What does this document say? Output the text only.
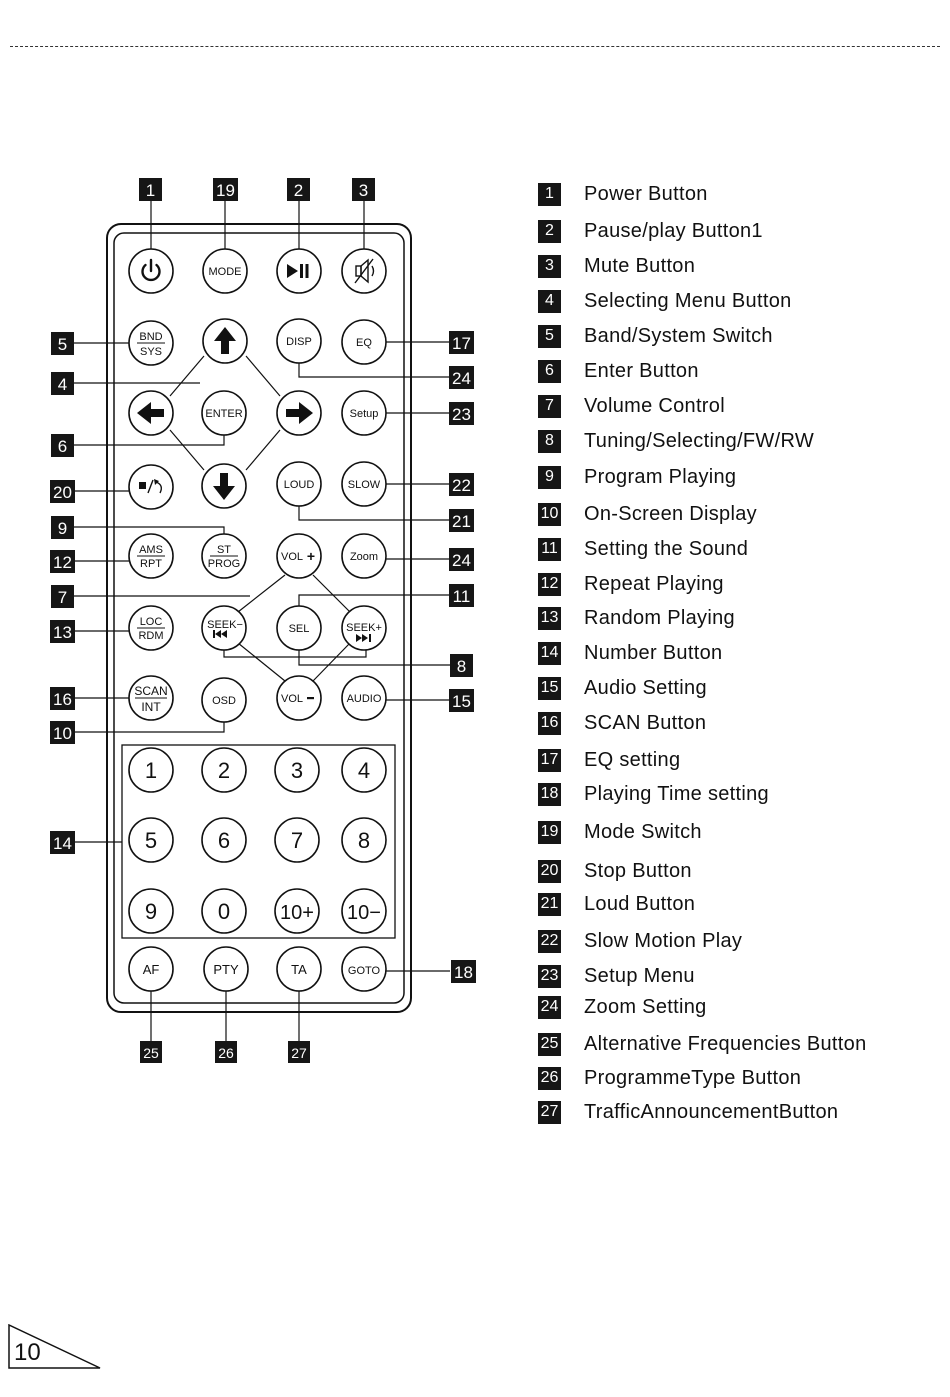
MODE
BND
SYS
DISP	EQ
ENTER	Setup
LOUD	SLOW
AMS
RPT
ST
PROG
VOL +	Zoom
LOC
RDM
SEEK−	SEL	SEEK+
SCAN
INT	OSD	VOL	AUDIO
AF	PTY	TA	GOTO
1	2	3 4
5	6	7 8
9	0 10+ 10−
1	19	2	3
5
4
6
20
9
12
7
13
16
10
14
17
24
23
22
21
24
11
8
15
18
25	26	27
1	Power Button
2	Pause/play Button1
3	Mute Button
4	Selecting Menu Button
5	Band/System Switch
6	Enter Button
7	Volume Control
8	Tuning/Selecting/FW/RW
9	Program Playing
10 On-Screen Display
11 Setting the Sound
12 Repeat Playing
13 Random Playing
14 Number Button
15 Audio Setting
16 SCAN Button
17 EQ setting
18 Playing Time setting
19 Mode Switch
20 Stop Button
21 Loud Button
22 Slow Motion Play
23 Setup Menu
24 Zoom Setting
25 Alternative Frequencies Button
26 ProgrammeType Button
27 TrafficAnnouncementButton
10
